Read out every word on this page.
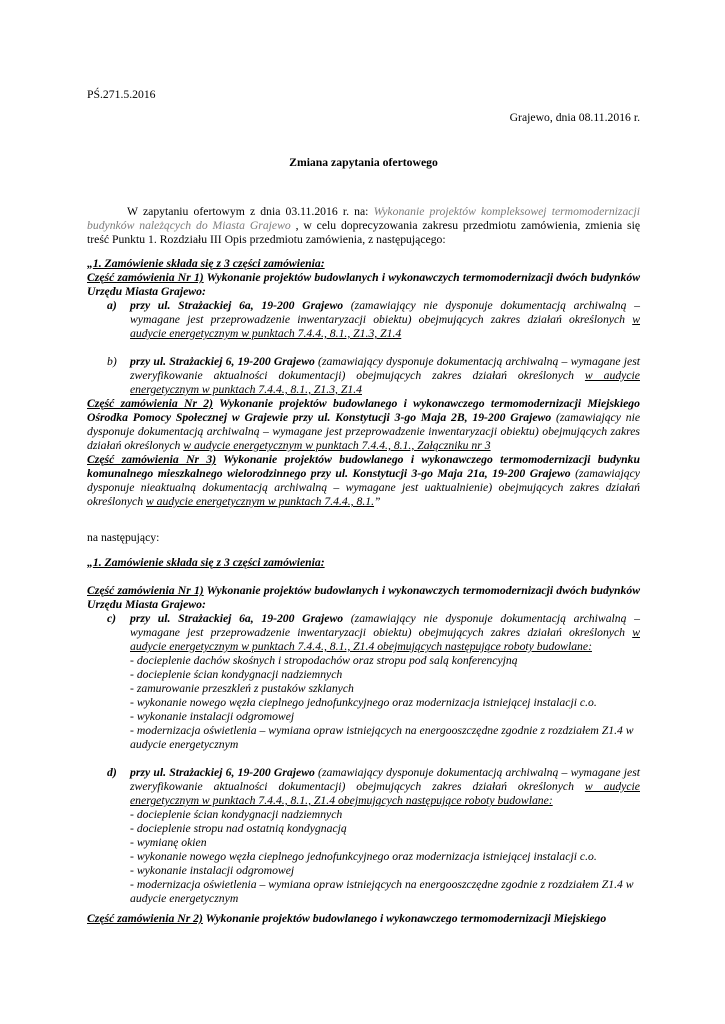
PŚ.271.5.2016

Grajewo, dnia 08.11.2016 r.

Zmiana zapytania ofertowego

W zapytaniu ofertowym z dnia 03.11.2016 r. na: Wykonanie projektów kompleksowej termomodernizacji budynków należących do Miasta Grajewo , w celu doprecyzowania zakresu przedmiotu zamówienia, zmienia się treść Punktu 1. Rozdziału III Opis przedmiotu zamówienia, z następującego:

„1. Zamówienie składa się z 3 części zamówienia:

Część zamówienia Nr 1) Wykonanie projektów budowlanych i wykonawczych termomodernizacji dwóch budynków Urzędu Miasta Grajewo:

a) przy ul. Strażackiej 6a, 19-200 Grajewo (zamawiający nie dysponuje dokumentacją archiwalną – wymagane jest przeprowadzenie inwentaryzacji obiektu) obejmujących zakres działań określonych w audycie energetycznym w punktach 7.4.4., 8.1., Z1.3, Z1.4
b) przy ul. Strażackiej 6, 19-200 Grajewo (zamawiający dysponuje dokumentacją archiwalną – wymagane jest zweryfikowanie aktualności dokumentacji) obejmujących zakres działań określonych w audycie energetycznym w punktach 7.4.4., 8.1., Z1.3, Z1.4

Część zamówienia Nr 2) Wykonanie projektów budowlanego i wykonawczego termomodernizacji Miejskiego Ośrodka Pomocy Społecznej w Grajewie przy ul. Konstytucji 3-go Maja 2B, 19-200 Grajewo (zamawiający nie dysponuje dokumentacją archiwalną – wymagane jest przeprowadzenie inwentaryzacji obiektu) obejmujących zakres działań określonych w audycie energetycznym w punktach 7.4.4., 8.1., Załączniku nr 3

Część zamówienia Nr 3) Wykonanie projektów budowlanego i wykonawczego termomodernizacji budynku komunalnego mieszkalnego wielorodzinnego przy ul. Konstytucji 3-go Maja 21a, 19-200 Grajewo (zamawiający dysponuje nieaktualną dokumentacją archiwalną – wymagane jest uaktualnienie) obejmujących zakres działań określonych w audycie energetycznym w punktach 7.4.4., 8.1.”

na następujący:

„1. Zamówienie składa się z 3 części zamówienia:

Część zamówienia Nr 1) Wykonanie projektów budowlanych i wykonawczych termomodernizacji dwóch budynków Urzędu Miasta Grajewo:

c) przy ul. Strażackiej 6a, 19-200 Grajewo (zamawiający nie dysponuje dokumentacją archiwalną – wymagane jest przeprowadzenie inwentaryzacji obiektu) obejmujących zakres działań określonych w audycie energetycznym w punktach 7.4.4., 8.1., Z1.4 obejmujących następujące roboty budowlane:

- docieplenie dachów skośnych i stropodachów oraz stropu pod salą konferencyjną

- docieplenie ścian kondygnacji nadziemnych

- zamurowanie przeszkleń z pustaków szklanych

- wykonanie nowego węzła cieplnego jednofunkcyjnego oraz modernizacja istniejącej instalacji c.o.

- wykonanie instalacji odgromowej

- modernizacja oświetlenia – wymiana opraw istniejących na energooszczędne zgodnie z rozdziałem Z1.4 w audycie energetycznym

d) przy ul. Strażackiej 6, 19-200 Grajewo (zamawiający dysponuje dokumentacją archiwalną – wymagane jest zweryfikowanie aktualności dokumentacji) obejmujących zakres działań określonych w audycie energetycznym w punktach 7.4.4., 8.1., Z1.4 obejmujących następujące roboty budowlane:

- docieplenie ścian kondygnacji nadziemnych

- docieplenie stropu nad ostatnią kondygnacją

- wymianę okien

- wykonanie nowego węzła cieplnego jednofunkcyjnego oraz modernizacja istniejącej instalacji c.o.

- wykonanie instalacji odgromowej

- modernizacja oświetlenia – wymiana opraw istniejących na energooszczędne zgodnie z rozdziałem Z1.4 w audycie energetycznym

Część zamówienia Nr 2) Wykonanie projektów budowlanego i wykonawczego termomodernizacji Miejskiego
